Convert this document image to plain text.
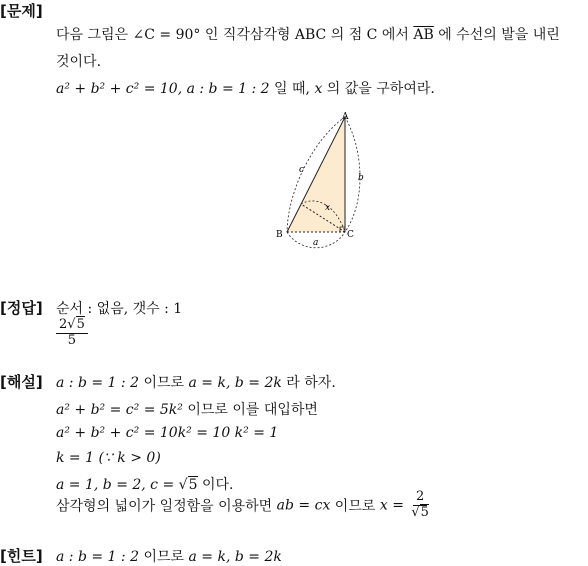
[문제]
다음 그림은 ∠C = 90° 인 직각삼각형 ABC 의 점 C 에서 $\overline{AB}$ 에 수선의 발을 내린
것이다.
a² + b² + c² = 10, a : b = 1 : 2 일 때, x 의 값을 구하여라.
A
B	C
a
b
c
x
[정답] 순서 : 없음, 갯수 : 1
$\frac{2√5}{5}$
[해설] a : b = 1 : 2 이므로 a = k, b = 2k 라 하자.
a² + b² = c² = 5k² 이므로 이를 대입하면
a² + b² + c² = 10k² = 10 k² = 1
k = 1 (∵ k > 0)
a = 1, b = 2, c = √5 이다.
삼각형의 넓이가 일정함을 이용하면 ab = cx 이므로 $x = \frac{2}{√5}$
[힌트] a : b = 1 : 2 이므로 a = k, b = 2k
